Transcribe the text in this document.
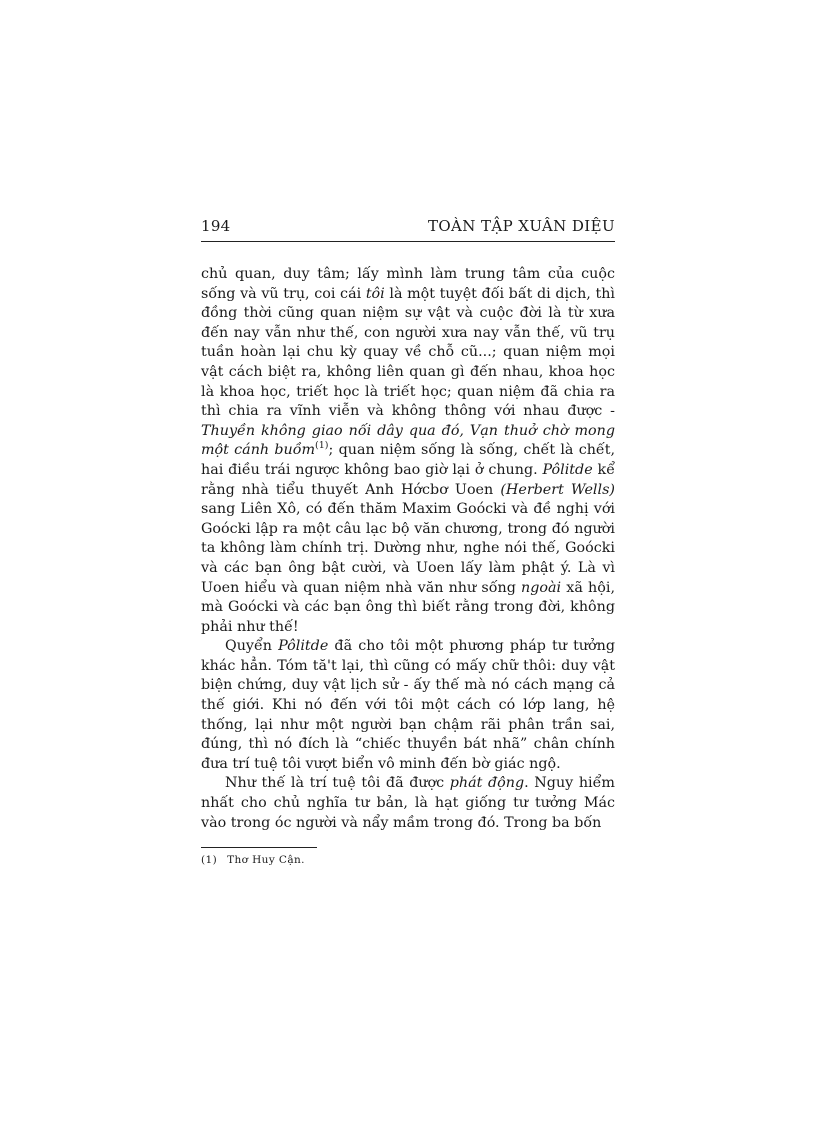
194	TOÀN TẬP XUÂN DIỆU

chủ quan, duy tâm; lấy mình làm trung tâm của cuộc sống và vũ trụ, coi cái tôi là một tuyệt đối bất di dịch, thì đồng thời cũng quan niệm sự vật và cuộc đời là từ xưa đến nay vẫn như thế, con người xưa nay vẫn thế, vũ trụ tuần hoàn lại chu kỳ quay về chỗ cũ...; quan niệm mọi vật cách biệt ra, không liên quan gì đến nhau, khoa học là khoa học, triết học là triết học; quan niệm đã chia ra thì chia ra vĩnh viễn và không thông với nhau được - Thuyền không giao nối dây qua đó, Vạn thuở chờ mong một cánh buồm$^{(1)}$; quan niệm sống là sống, chết là chết, hai điều trái ngược không bao giờ lại ở chung. Pôlitde kể rằng nhà tiểu thuyết Anh Hớcbơ Uoen (Herbert Wells) sang Liên Xô, có đến thăm Maxim Goócki và đề nghị với Goócki lập ra một câu lạc bộ văn chương, trong đó người ta không làm chính trị. Dường như, nghe nói thế, Goócki và các bạn ông bật cười, và Uoen lấy làm phật ý. Là vì Uoen hiểu và quan niệm nhà văn như sống ngoài xã hội, mà Goócki và các bạn ông thì biết rằng trong đời, không phải như thế!

Quyển Pôlitde đã cho tôi một phương pháp tư tưởng khác hẳn. Tóm tă't lại, thì cũng có mấy chữ thôi: duy vật biện chứng, duy vật lịch sử - ấy thế mà nó cách mạng cả thế giới. Khi nó đến với tôi một cách có lớp lang, hệ thống, lại như một người bạn chậm rãi phân trần sai, đúng, thì nó đích là “chiếc thuyền bát nhã” chân chính đưa trí tuệ tôi vượt biển vô minh đến bờ giác ngộ.

Như thế là trí tuệ tôi đã được phát động. Nguy hiểm nhất cho chủ nghĩa tư bản, là hạt giống tư tưởng Mác vào trong óc người và nẩy mầm trong đó. Trong ba bốn

(1) Thơ Huy Cận.
